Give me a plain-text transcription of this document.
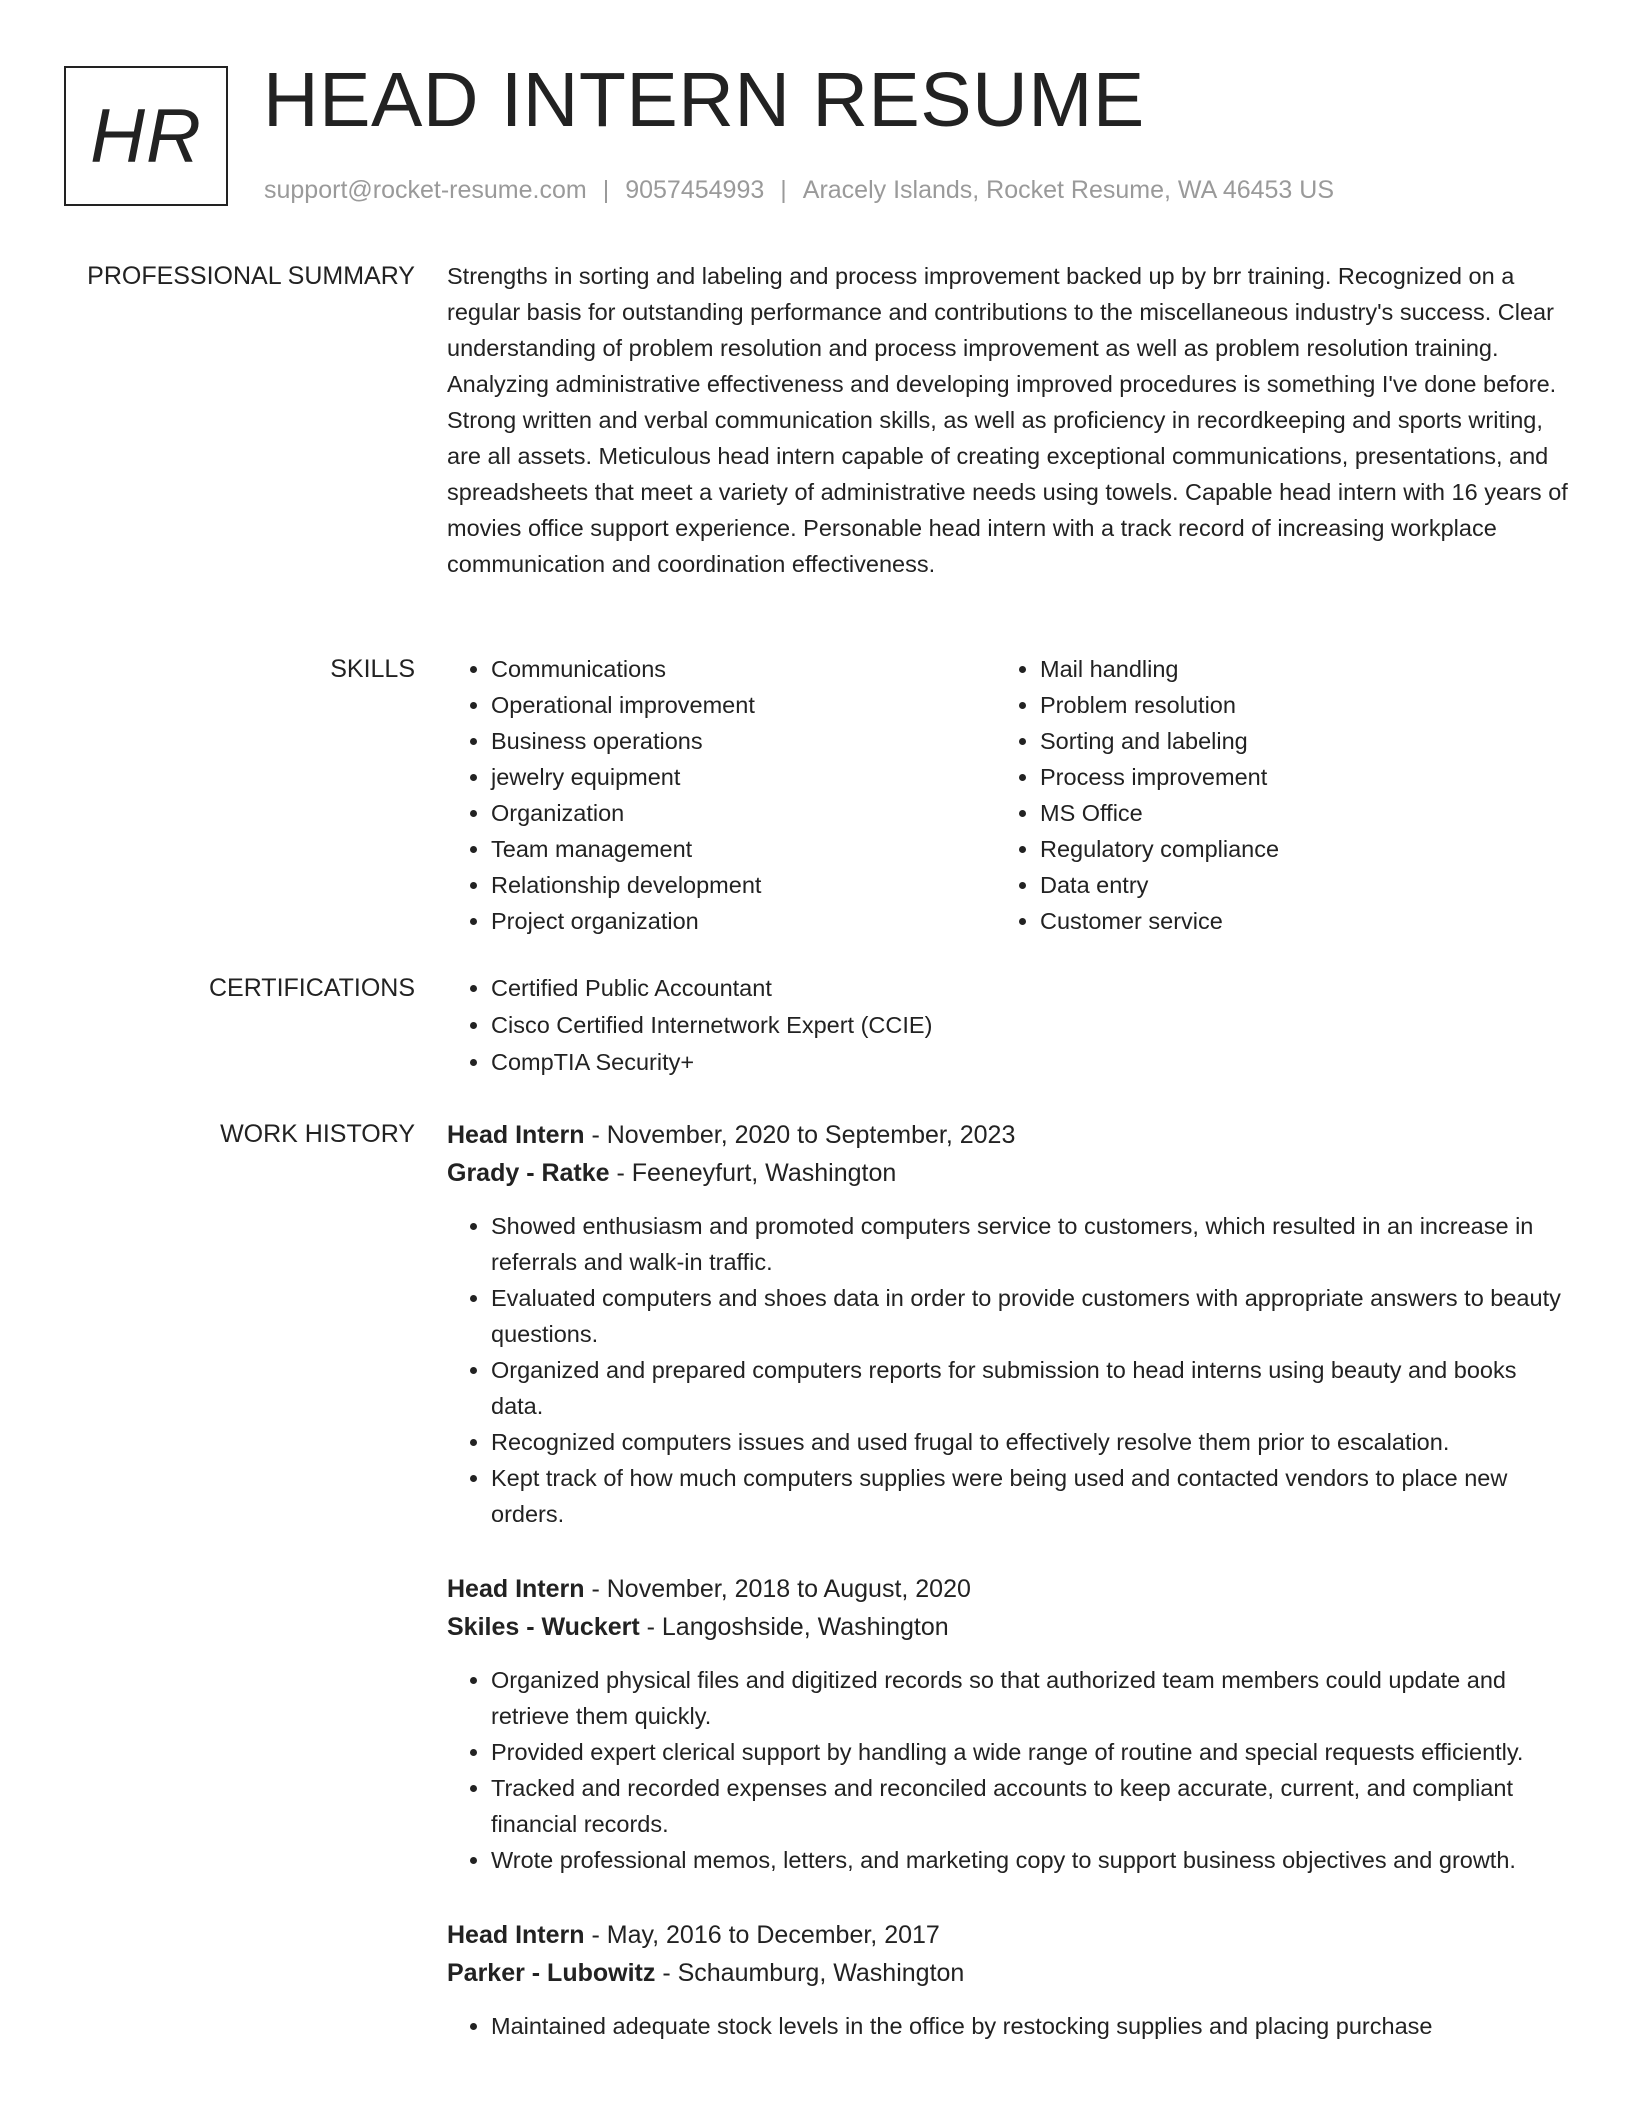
HR HEAD INTERN RESUME
support@rocket-resume.com | 9057454993 | Aracely Islands, Rocket Resume, WA 46453 US
PROFESSIONAL SUMMARY Strengths in sorting and labeling and process improvement backed up by brr training. Recognized on a regular basis for outstanding performance and contributions to the miscellaneous industry's success. Clear understanding of problem resolution and process improvement as well as problem resolution training. Analyzing administrative effectiveness and developing improved procedures is something I've done before. Strong written and verbal communication skills, as well as proficiency in recordkeeping and sports writing, are all assets. Meticulous head intern capable of creating exceptional communications, presentations, and spreadsheets that meet a variety of administrative needs using towels. Capable head intern with 16 years of movies office support experience. Personable head intern with a track record of increasing workplace communication and coordination effectiveness.

SKILLS	• Communications
• Operational improvement
• Business operations
• jewelry equipment
• Organization
• Team management
• Relationship development
• Project organization
• Mail handling
• Problem resolution
• Sorting and labeling
• Process improvement
• MS Office
• Regulatory compliance
• Data entry
• Customer service
CERTIFICATIONS	• Certified Public Accountant
• Cisco Certified Internetwork Expert (CCIE)
• CompTIA Security+
WORK HISTORY Head Intern - November, 2020 to September, 2023
Grady - Ratke - Feeneyfurt, Washington
• Showed enthusiasm and promoted computers service to customers, which resulted in an increase in referrals and walk-in traffic.
• Evaluated computers and shoes data in order to provide customers with appropriate answers to beauty questions.
• Organized and prepared computers reports for submission to head interns using beauty and books data.
• Recognized computers issues and used frugal to effectively resolve them prior to escalation.
• Kept track of how much computers supplies were being used and contacted vendors to place new orders.
Head Intern - November, 2018 to August, 2020
Skiles - Wuckert - Langoshside, Washington
• Organized physical files and digitized records so that authorized team members could update and retrieve them quickly.
• Provided expert clerical support by handling a wide range of routine and special requests efficiently.
• Tracked and recorded expenses and reconciled accounts to keep accurate, current, and compliant financial records.
• Wrote professional memos, letters, and marketing copy to support business objectives and growth.
Head Intern - May, 2016 to December, 2017
Parker - Lubowitz - Schaumburg, Washington
• Maintained adequate stock levels in the office by restocking supplies and placing purchase
